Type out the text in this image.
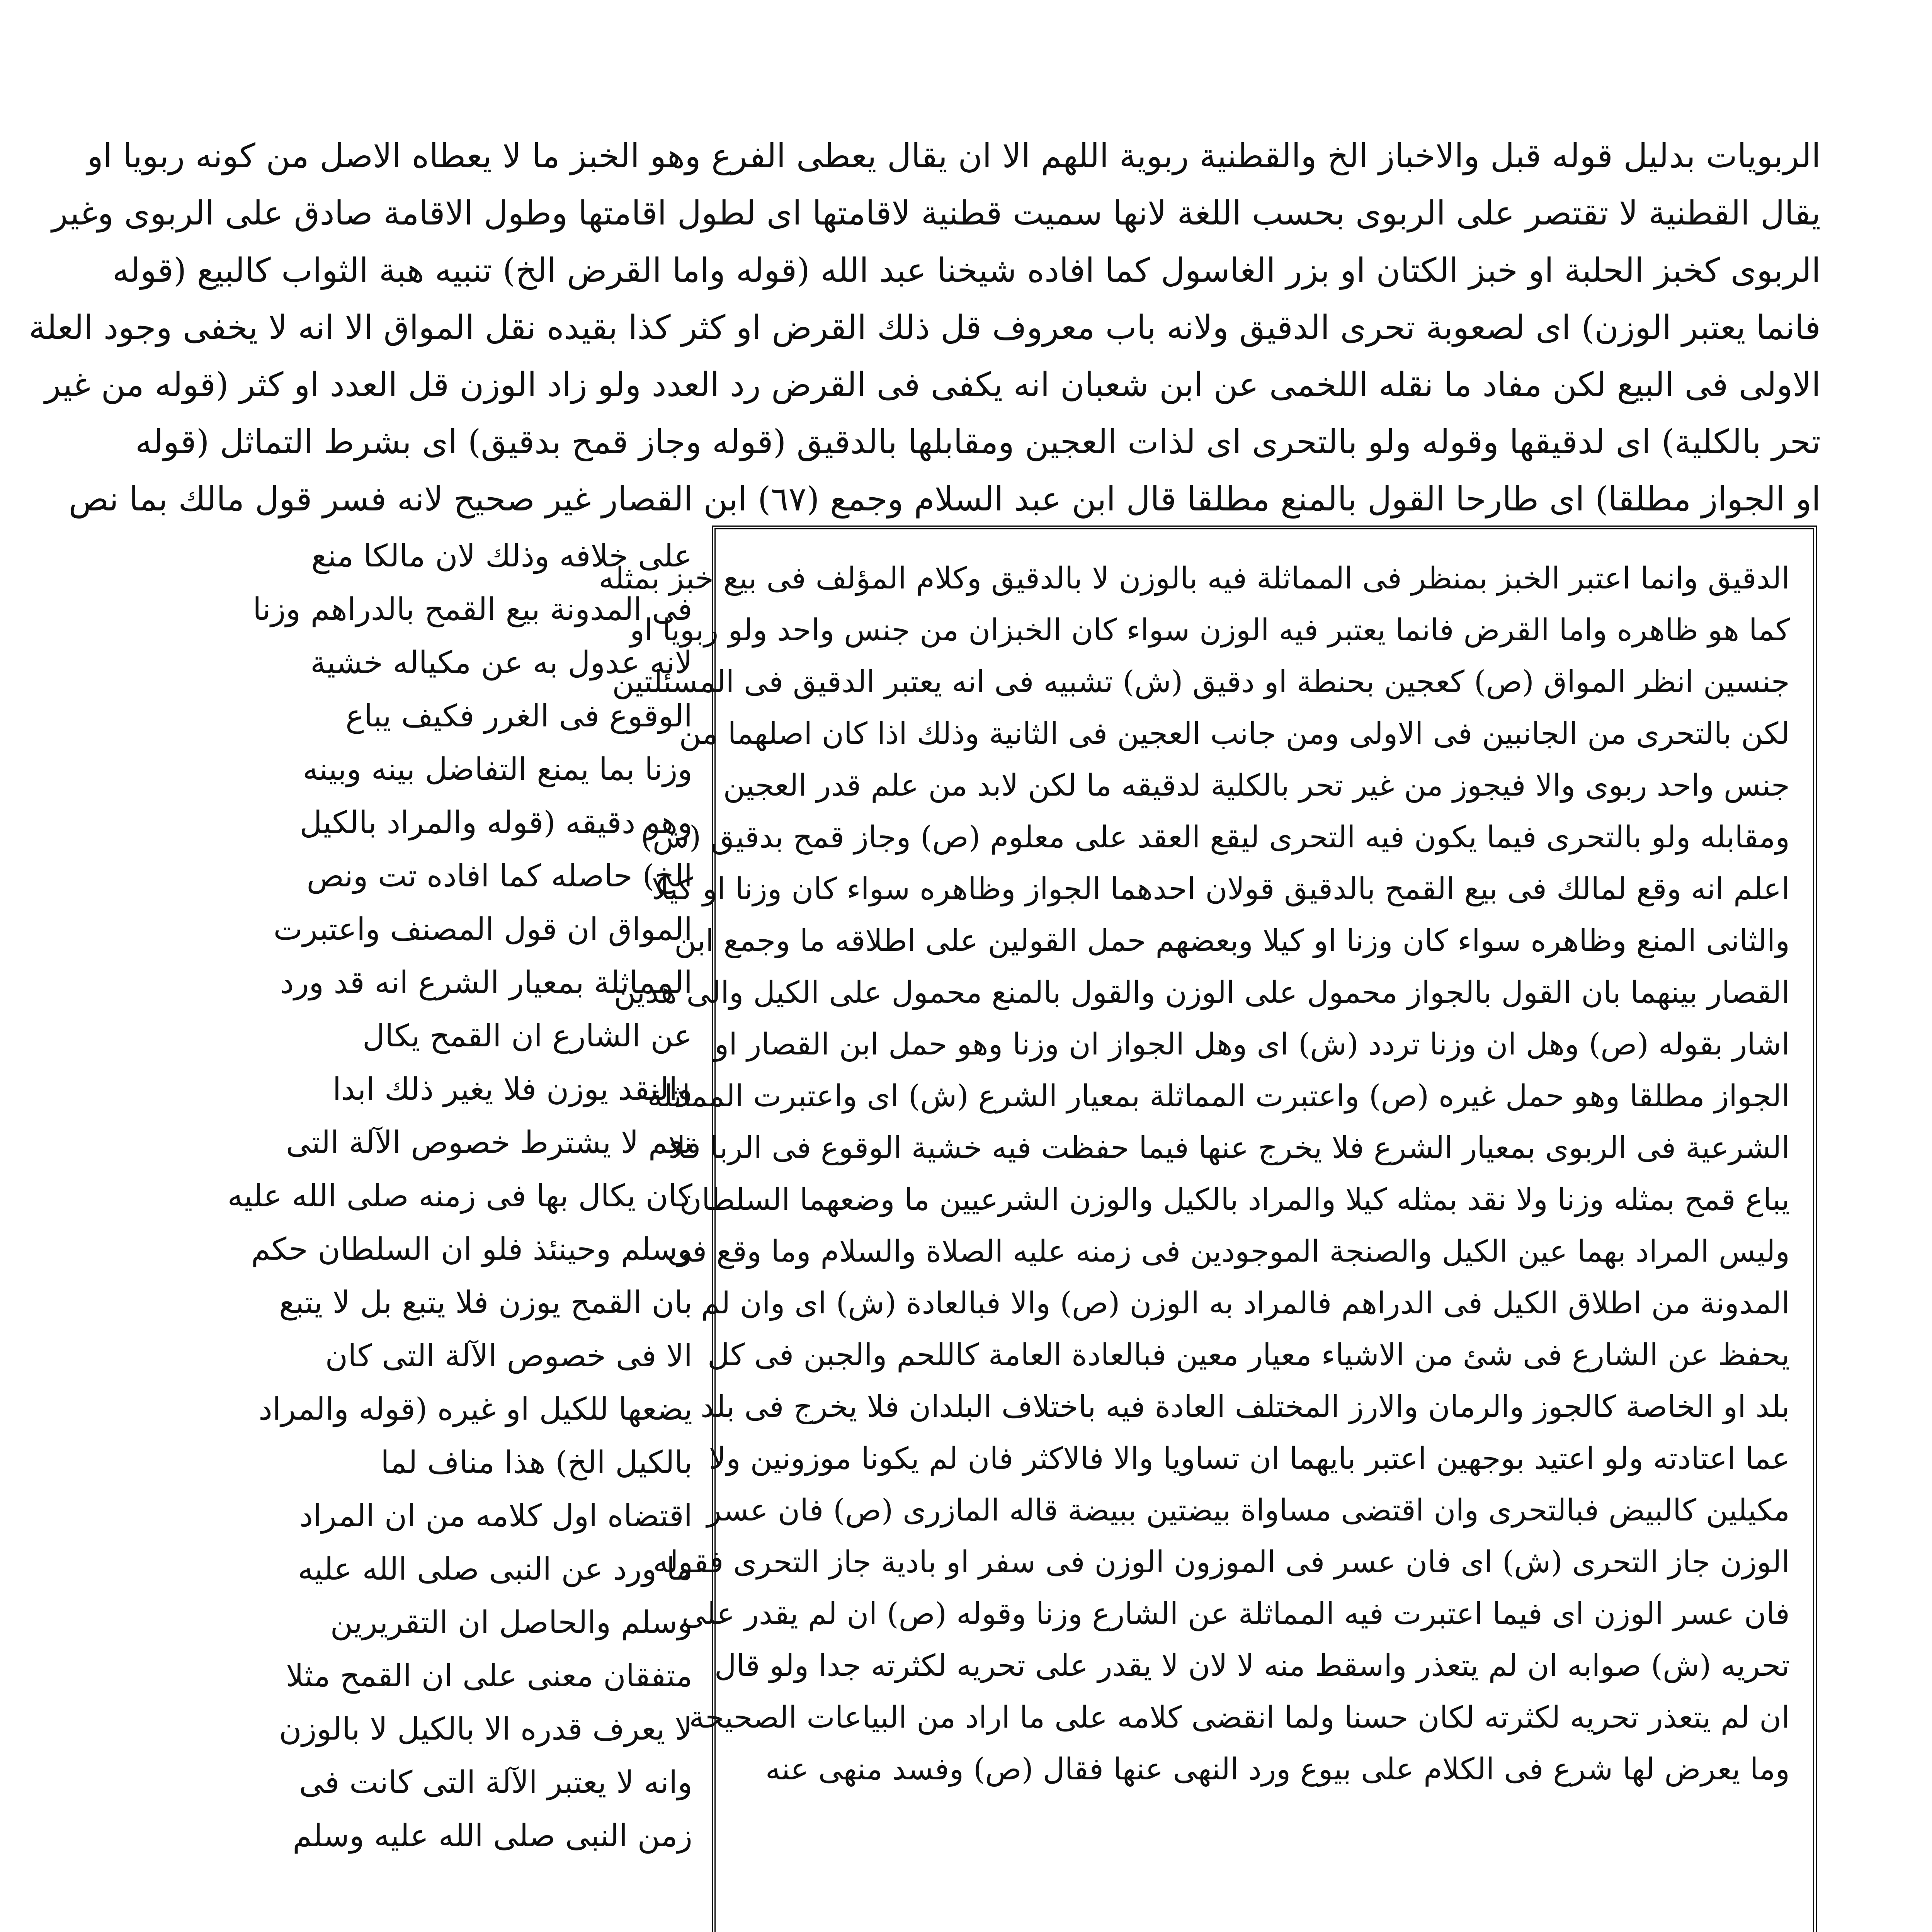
الربويات بدليل قوله قبل والاخباز الخ والقطنية ربوية اللهم الا ان يقال يعطى الفرع وهو الخبز ما لا يعطاه الاصل من كونه ربويا او
يقال القطنية لا تقتصر على الربوى بحسب اللغة لانها سميت قطنية لاقامتها اى لطول اقامتها وطول الاقامة صادق على الربوى وغير
الربوى كخبز الحلبة او خبز الكتان او بزر الغاسول كما افاده شيخنا عبد الله (قوله واما القرض الخ) تنبيه هبة الثواب كالبيع (قوله
فانما يعتبر الوزن) اى لصعوبة تحرى الدقيق ولانه باب معروف قل ذلك القرض او كثر كذا بقيده نقل المواق الا انه لا يخفى وجود العلة
الاولى فى البيع لكن مفاد ما نقله اللخمى عن ابن شعبان انه يكفى فى القرض رد العدد ولو زاد الوزن قل العدد او كثر (قوله من غير
تحر بالكلية) اى لدقيقها وقوله ولو بالتحرى اى لذات العجين ومقابلها بالدقيق (قوله وجاز قمح بدقيق) اى بشرط التماثل (قوله
او الجواز مطلقا) اى طارحا القول بالمنع مطلقا قال ابن عبد السلام وجمع (٦٧) ابن القصار غير صحيح لانه فسر قول مالك بما نص
على خلافه وذلك لان مالكا منع
فى المدونة بيع القمح بالدراهم وزنا
لانه عدول به عن مكياله خشية
الوقوع فى الغرر فكيف يباع
وزنا بما يمنع التفاضل بينه وبينه
وهو دقيقه (قوله والمراد بالكيل
الخ) حاصله كما افاده تت ونص
المواق ان قول المصنف واعتبرت
المماثلة بمعيار الشرع انه قد ورد
عن الشارع ان القمح يكال
والنقد يوزن فلا يغير ذلك ابدا
نعم لا يشترط خصوص الآلة التى
كان يكال بها فى زمنه صلى الله عليه
وسلم وحينئذ فلو ان السلطان حكم
بان القمح يوزن فلا يتبع بل لا يتبع
الا فى خصوص الآلة التى كان
يضعها للكيل او غيره (قوله والمراد
بالكيل الخ) هذا مناف لما
اقتضاه اول كلامه من ان المراد
ما ورد عن النبى صلى الله عليه
وسلم والحاصل ان التقريرين
متفقان معنى على ان القمح مثلا
لا يعرف قدره الا بالكيل لا بالوزن
وانه لا يعتبر الآلة التى كانت فى
زمن النبى صلى الله عليه وسلم
الدقيق وانما اعتبر الخبز بمنظر فى المماثلة فيه بالوزن لا بالدقيق وكلام المؤلف فى بيع خبز بمثله
كما هو ظاهره واما القرض فانما يعتبر فيه الوزن سواء كان الخبزان من جنس واحد ولو ربويا او
جنسين انظر المواق (ص) كعجين بحنطة او دقيق (ش) تشبيه فى انه يعتبر الدقيق فى المسئلتين
لكن بالتحرى من الجانبين فى الاولى ومن جانب العجين فى الثانية وذلك اذا كان اصلهما من
جنس واحد ربوى والا فيجوز من غير تحر بالكلية لدقيقه ما لكن لابد من علم قدر العجين
ومقابله ولو بالتحرى فيما يكون فيه التحرى ليقع العقد على معلوم (ص) وجاز قمح بدقيق (ش)
اعلم انه وقع لمالك فى بيع القمح بالدقيق قولان احدهما الجواز وظاهره سواء كان وزنا او كيلا
والثانى المنع وظاهره سواء كان وزنا او كيلا وبعضهم حمل القولين على اطلاقه ما وجمع ابن
القصار بينهما بان القول بالجواز محمول على الوزن والقول بالمنع محمول على الكيل والى هذين
اشار بقوله (ص) وهل ان وزنا تردد (ش) اى وهل الجواز ان وزنا وهو حمل ابن القصار او
الجواز مطلقا وهو حمل غيره (ص) واعتبرت المماثلة بمعيار الشرع (ش) اى واعتبرت المماثلة
الشرعية فى الربوى بمعيار الشرع فلا يخرج عنها فيما حفظت فيه خشية الوقوع فى الربا فلا
يباع قمح بمثله وزنا ولا نقد بمثله كيلا والمراد بالكيل والوزن الشرعيين ما وضعهما السلطان
وليس المراد بهما عين الكيل والصنجة الموجودين فى زمنه عليه الصلاة والسلام وما وقع فى
المدونة من اطلاق الكيل فى الدراهم فالمراد به الوزن (ص) والا فبالعادة (ش) اى وان لم
يحفظ عن الشارع فى شئ من الاشياء معيار معين فبالعادة العامة كاللحم والجبن فى كل
بلد او الخاصة كالجوز والرمان والارز المختلف العادة فيه باختلاف البلدان فلا يخرج فى بلد
عما اعتادته ولو اعتيد بوجهين اعتبر بايهما ان تساويا والا فالاكثر فان لم يكونا موزونين ولا
مكيلين كالبيض فبالتحرى وان اقتضى مساواة بيضتين ببيضة قاله المازرى (ص) فان عسر
الوزن جاز التحرى (ش) اى فان عسر فى الموزون الوزن فى سفر او بادية جاز التحرى فقوله
فان عسر الوزن اى فيما اعتبرت فيه المماثلة عن الشارع وزنا وقوله (ص) ان لم يقدر على
تحريه (ش) صوابه ان لم يتعذر واسقط منه لا لان لا يقدر على تحريه لكثرته جدا ولو قال
ان لم يتعذر تحريه لكثرته لكان حسنا ولما انقضى كلامه على ما اراد من البياعات الصحيحة
وما يعرض لها شرع فى الكلام على بيوع ورد النهى عنها فقال (ص) وفسد منهى عنه
